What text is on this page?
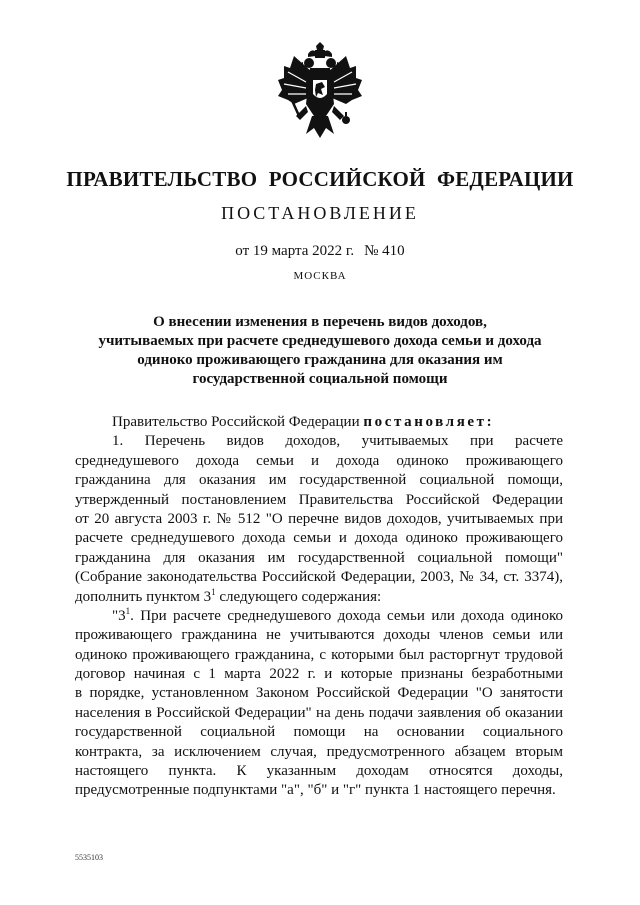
ПРАВИТЕЛЬСТВО РОССИЙСКОЙ ФЕДЕРАЦИИ
ПОСТАНОВЛЕНИЕ
от 19 марта 2022 г. № 410
МОСКВА
О внесении изменения в перечень видов доходов,
учитываемых при расчете среднедушевого дохода семьи и дохода
одиноко проживающего гражданина для оказания им
государственной социальной помощи
Правительство Российской Федерации постановляет:
1. Перечень видов доходов, учитываемых при расчете
среднедушевого дохода семьи и дохода одиноко проживающего
гражданина для оказания им государственной социальной помощи,
утвержденный постановлением Правительства Российской Федерации
от 20 августа 2003 г. № 512 "О перечне видов доходов, учитываемых при
расчете среднедушевого дохода семьи и дохода одиноко проживающего
гражданина для оказания им государственной социальной помощи"
(Собрание законодательства Российской Федерации, 2003, № 34, ст. 3374),
дополнить пунктом $3^1$ следующего содержания:
"$3^1$. При расчете среднедушевого дохода семьи или дохода одиноко
проживающего гражданина не учитываются доходы членов семьи или
одиноко проживающего гражданина, с которыми был расторгнут трудовой
договор начиная с 1 марта 2022 г. и которые признаны безработными
в порядке, установленном Законом Российской Федерации "О занятости
населения в Российской Федерации" на день подачи заявления об оказании
государственной социальной помощи на основании социального
контракта, за исключением случая, предусмотренного абзацем вторым
настоящего пункта. К указанным доходам относятся доходы,
предусмотренные подпунктами "а", "б" и "г" пункта 1 настоящего перечня.
5535103
